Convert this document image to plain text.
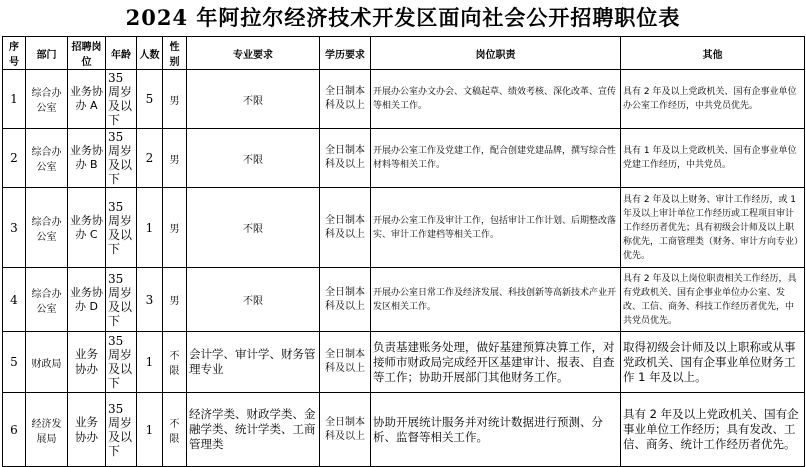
2024 年阿拉尔经济技术开发区面向社会公开招聘职位表
序号	部门	招聘岗位	年龄	人数	性别	专业要求	学历要求	岗位职责	其他
1	综合办公室	业务协办 A	35 周岁及以下	5	男	不限	全日制本科及以上	开展办公室办文办会、文稿起草、绩效考核、深化改革、宣传等相关工作。	具有 2 年及以上党政机关、国有企事业单位办公室工作经历，中共党员优先。
2	综合办公室	业务协办 B	35 周岁及以下	2	男	不限	全日制本科及以上	开展办公室工作及党建工作，配合创建党建品牌，撰写综合性材料等相关工作。	具有 1 年及以上党政机关、国有企事业单位党建工作经历，中共党员。
3	综合办公室	业务协办 C	35 周岁及以下	1	男	不限	全日制本科及以上	开展办公室工作及审计工作，包括审计工作计划、后期整改落实、审计工作建档等相关工作。	具有 2 年及以上财务、审计工作经历，或 1 年及以上审计单位工作经历或工程项目审计工作经历者优先；具有初级会计师及以上职称优先，工商管理类（财务、审计方向专业）优先。
4	综合办公室	业务协办 D	35 周岁及以下	3	男	不限	全日制本科及以上	开展办公室日常工作及经济发展、科技创新等高新技术产业开发区相关工作。	具有 2 年及以上岗位职责相关工作经历，具有党政机关、国有企事业单位办公室、发改、工信、商务、科技工作经历者优先，中共党员优先。
5	财政局	业务协办	35 周岁及以下	1	不限	会计学、审计学、财务管理专业	全日制本科及以上	负责基建账务处理，做好基建预算决算工作，对接师市财政局完成经开区基建审计、报表、自查等工作；协助开展部门其他财务工作。	取得初级会计师及以上职称或从事党政机关、国有企事业单位财务工作 1 年及以上。
6	经济发展局	业务协办	35 周岁及以下	1	不限	经济学类、财政学类、金融学类、统计学类、工商管理类	全日制本科及以上	协助开展统计服务并对统计数据进行预测、分析、监督等相关工作。	具有 2 年及以上党政机关、国有企事业单位工作经历；具有发改、工信、商务、统计工作经历者优先。
